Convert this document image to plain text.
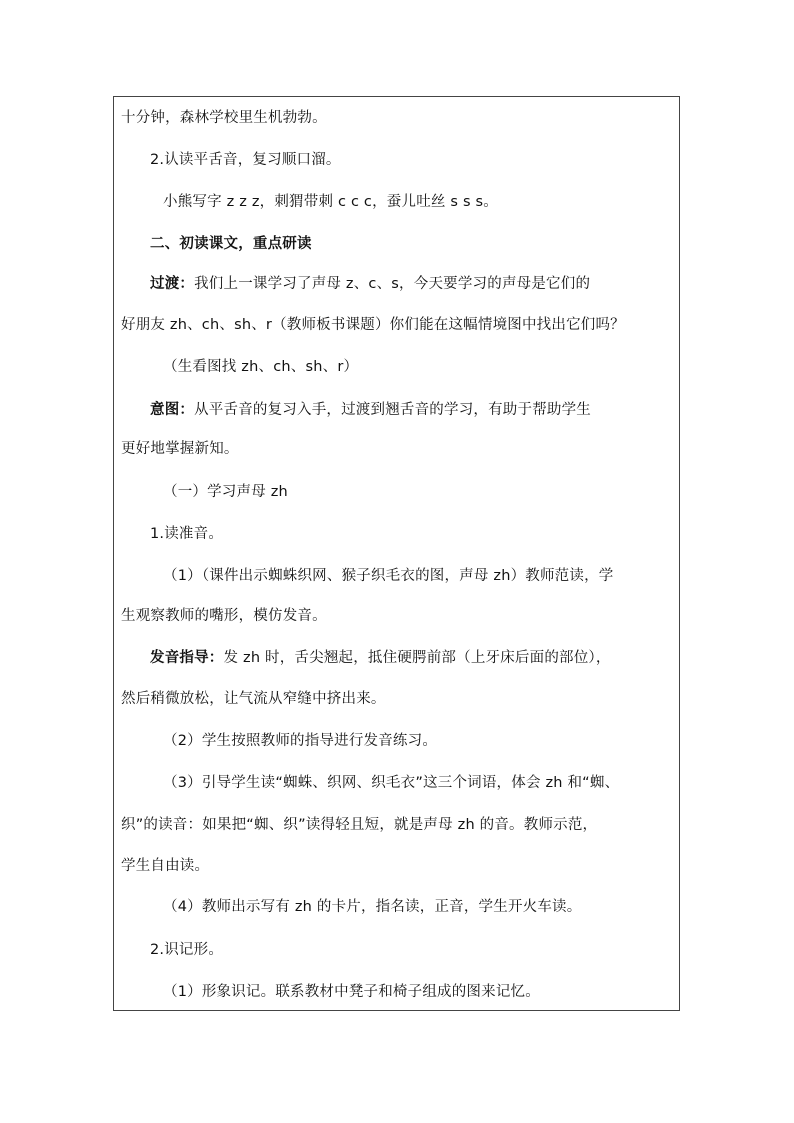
十分钟，森林学校里生机勃勃。
2.认读平舌音，复习顺口溜。
小熊写字 z z z，刺猬带刺 c c c，蚕儿吐丝 s s s。
二、初读课文，重点研读
过渡：我们上一课学习了声母 z、c、s，今天要学习的声母是它们的
好朋友 zh、ch、sh、r（教师板书课题）你们能在这幅情境图中找出它们吗？
（生看图找 zh、ch、sh、r）
意图：从平舌音的复习入手，过渡到翘舌音的学习，有助于帮助学生
更好地掌握新知。
（一）学习声母 zh
1.读准音。
（1）（课件出示蜘蛛织网、猴子织毛衣的图，声母 zh）教师范读，学
生观察教师的嘴形，模仿发音。
发音指导：发 zh 时，舌尖翘起，抵住硬腭前部（上牙床后面的部位），
然后稍微放松，让气流从窄缝中挤出来。
（2）学生按照教师的指导进行发音练习。
（3）引导学生读“蜘蛛、织网、织毛衣”这三个词语，体会 zh 和“蜘、
织”的读音：如果把“蜘、织”读得轻且短，就是声母 zh 的音。教师示范，
学生自由读。
（4）教师出示写有 zh 的卡片，指名读，正音，学生开火车读。
2.识记形。
（1）形象识记。联系教材中凳子和椅子组成的图来记忆。
